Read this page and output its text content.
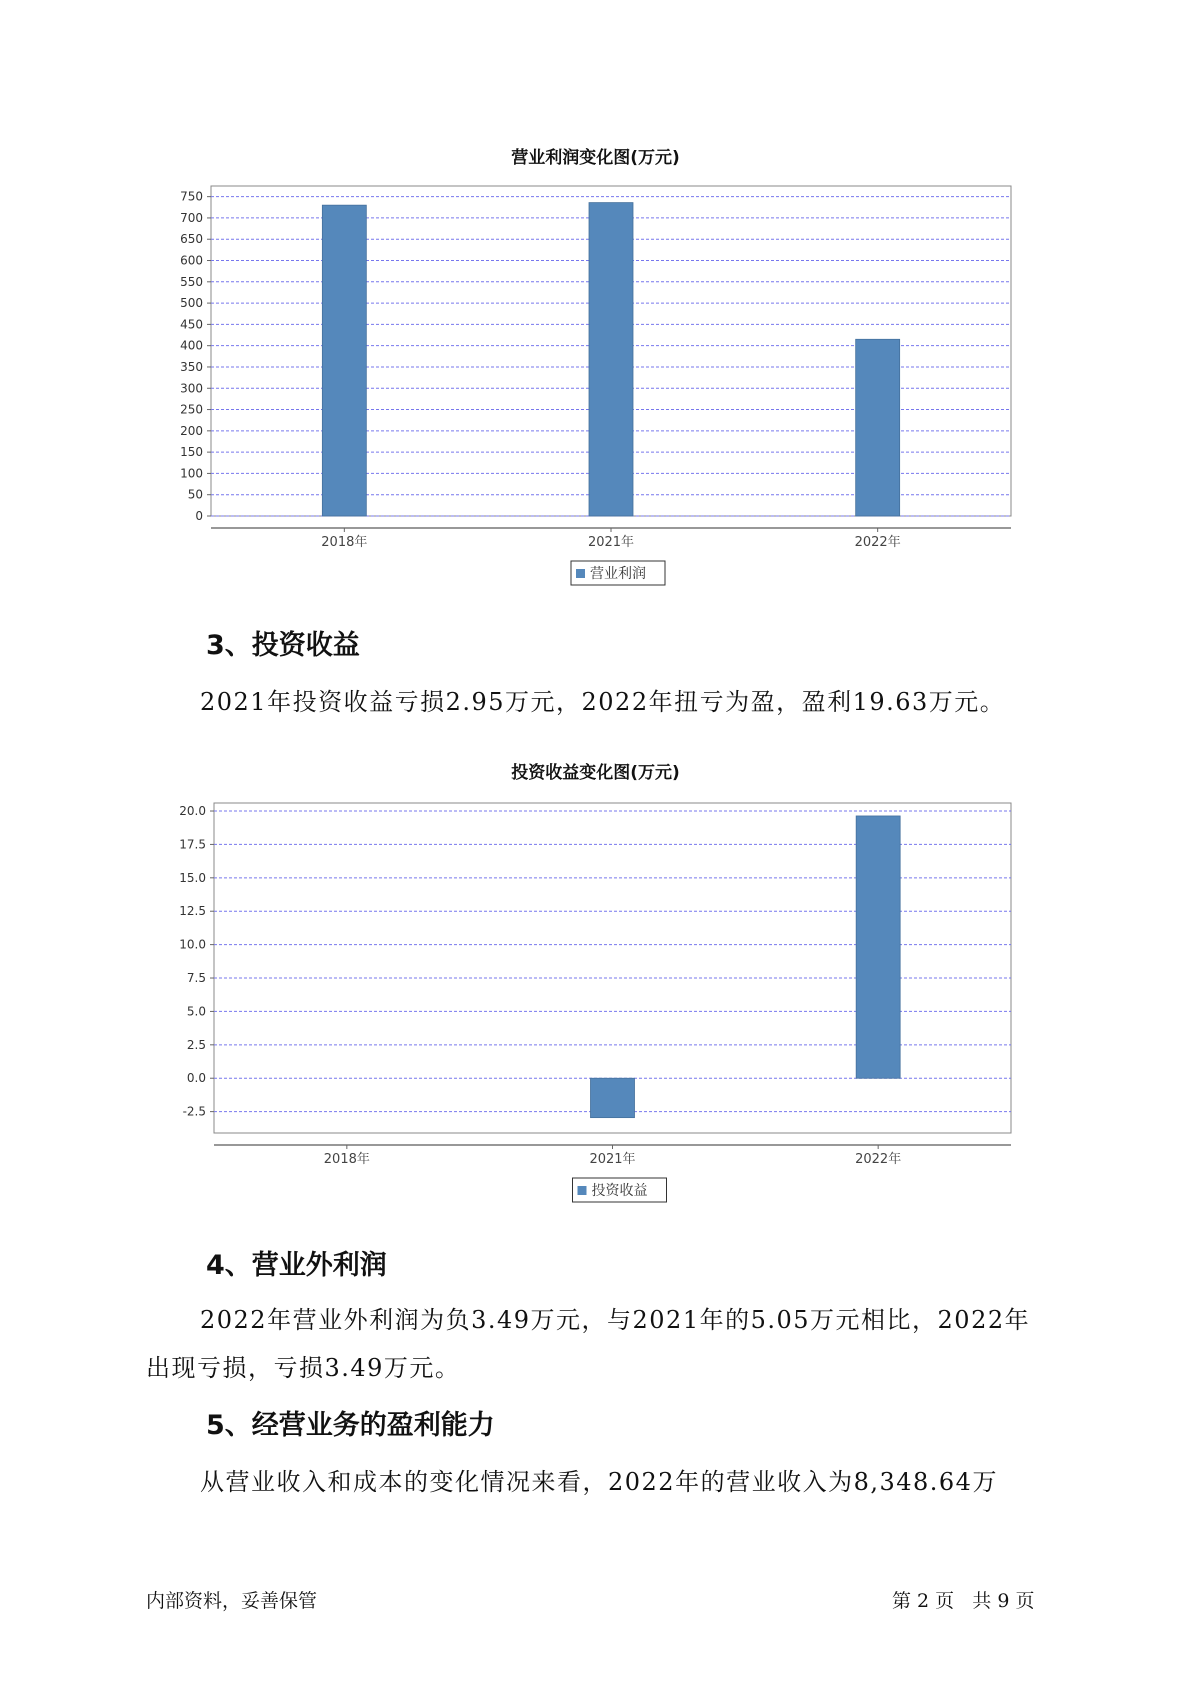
营业利润变化图(万元)
0
50
100
150
200
250
300
350
400
450
500
550
600
650
700
750
2018年	2021年	2022年
营业利润
3、投资收益
2021年投资收益亏损2.95万元，2022年扭亏为盈，盈利19.63万元。
投资收益变化图(万元)
-2.5
0.0
2.5
5.0
7.5
10.0
12.5
15.0
17.5
20.0
2018年	2021年	2022年
投资收益
4、营业外利润
2022年营业外利润为负3.49万元，与2021年的5.05万元相比，2022年
出现亏损，亏损3.49万元。
5、经营业务的盈利能力
从营业收入和成本的变化情况来看，2022年的营业收入为8,348.64万
内部资料，妥善保管	第 2 页   共 9 页
